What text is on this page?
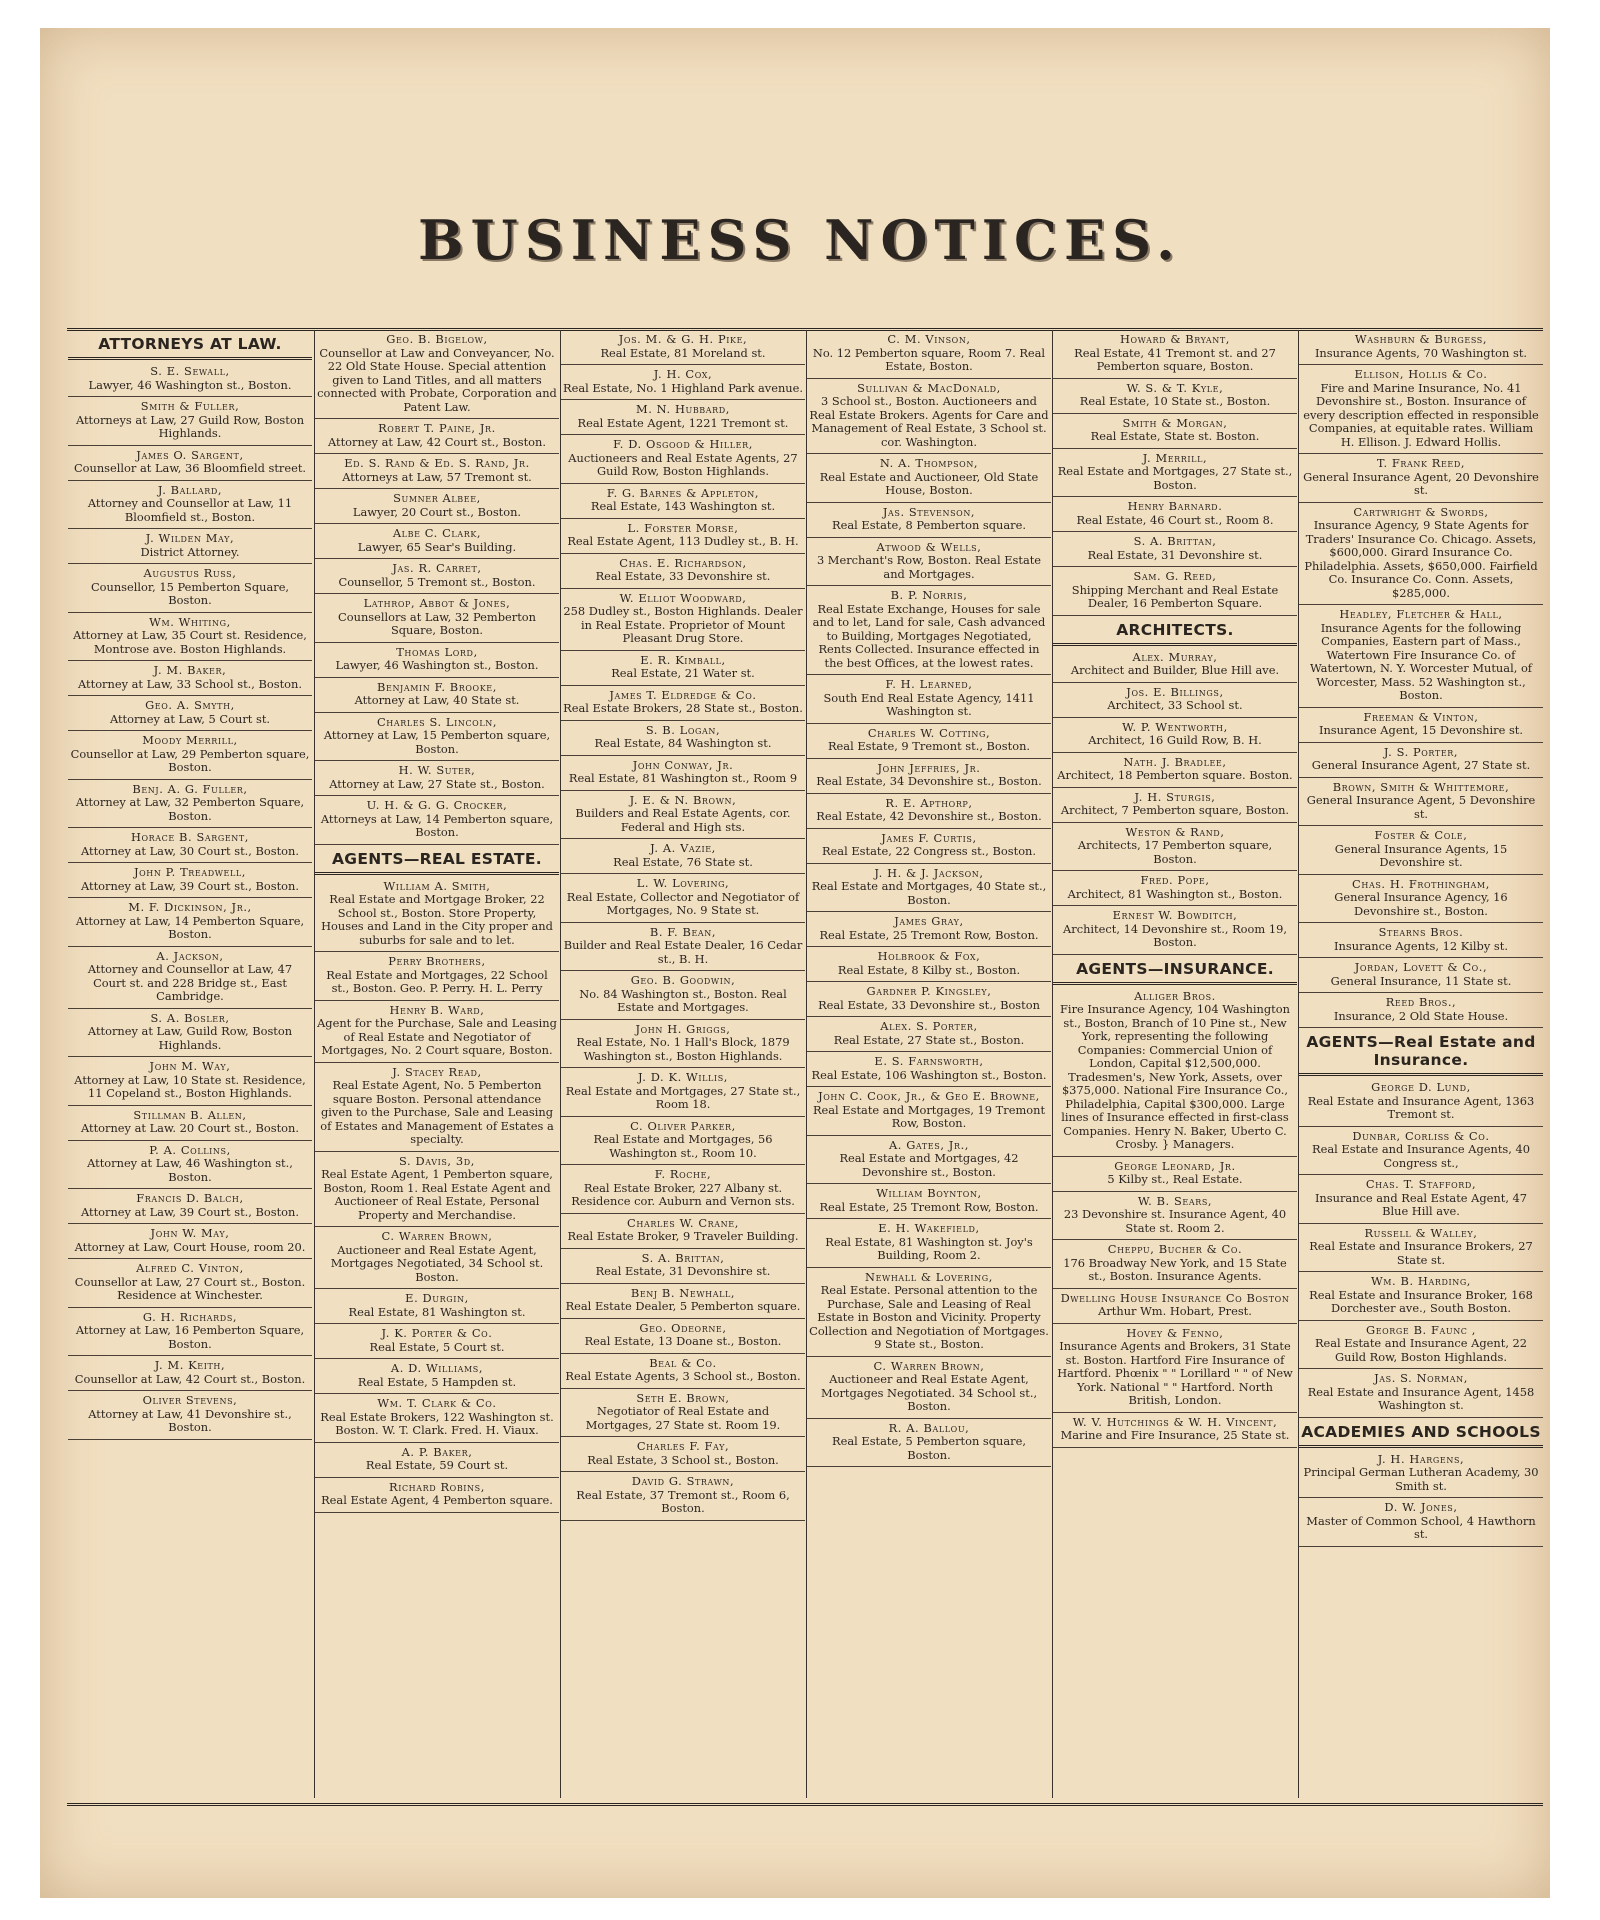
BUSINESS NOTICES.
ATTORNEYS AT LAW.
S. E. Sewall,
Lawyer, 46 Washington st., Boston.
Smith & Fuller,
Attorneys at Law, 27 Guild Row, Boston Highlands.
James O. Sargent,
Counsellor at Law, 36 Bloomfield street.
J. Ballard,
Attorney and Counsellor at Law, 11 Bloomfield st., Boston.
J. Wilden May,
District Attorney.
Augustus Russ,
Counsellor, 15 Pemberton Square, Boston.
Wm. Whiting,
Attorney at Law, 35 Court st. Residence, Montrose ave. Boston Highlands.
J. M. Baker,
Attorney at Law, 33 School st., Boston.
Geo. A. Smyth,
Attorney at Law, 5 Court st.
Moody Merrill,
Counsellor at Law, 29 Pemberton square, Boston.
Benj. A. G. Fuller,
Attorney at Law, 32 Pemberton Square, Boston.
Horace B. Sargent,
Attorney at Law, 30 Court st., Boston.
John P. Treadwell,
Attorney at Law, 39 Court st., Boston.
M. F. Dickinson, Jr.,
Attorney at Law, 14 Pemberton Square, Boston.
A. Jackson,
Attorney and Counsellor at Law, 47 Court st. and 228 Bridge st., East Cambridge.
S. A. Bosler,
Attorney at Law, Guild Row, Boston Highlands.
John M. Way,
Attorney at Law, 10 State st. Residence, 11 Copeland st., Boston Highlands.
Stillman B. Allen,
Attorney at Law. 20 Court st., Boston.
P. A. Collins,
Attorney at Law, 46 Washington st., Boston.
Francis D. Balch,
Attorney at Law, 39 Court st., Boston.
John W. May,
Attorney at Law, Court House, room 20.
Alfred C. Vinton,
Counsellor at Law, 27 Court st., Boston. Residence at Winchester.
G. H. Richards,
Attorney at Law, 16 Pemberton Square, Boston.
J. M. Keith,
Counsellor at Law, 42 Court st., Boston.
Oliver Stevens,
Attorney at Law, 41 Devonshire st., Boston.
Geo. B. Bigelow,
Counsellor at Law and Conveyancer, No. 22 Old State House. Special attention given to Land Titles, and all matters connected with Probate, Corporation and Patent Law.
Robert T. Paine, Jr.
Attorney at Law, 42 Court st., Boston.
Ed. S. Rand & Ed. S. Rand, Jr.
Attorneys at Law, 57 Tremont st.
Sumner Albee,
Lawyer, 20 Court st., Boston.
Albe C. Clark,
Lawyer, 65 Sear's Building.
Jas. R. Carret,
Counsellor, 5 Tremont st., Boston.
Lathrop, Abbot & Jones,
Counsellors at Law, 32 Pemberton Square, Boston.
Thomas Lord,
Lawyer, 46 Washington st., Boston.
Benjamin F. Brooke,
Attorney at Law, 40 State st.
Charles S. Lincoln,
Attorney at Law, 15 Pemberton square, Boston.
H. W. Suter,
Attorney at Law, 27 State st., Boston.
U. H. & G. G. Crocker,
Attorneys at Law, 14 Pemberton square, Boston.
AGENTS—REAL ESTATE.
William A. Smith,
Real Estate and Mortgage Broker, 22 School st., Boston. Store Property, Houses and Land in the City proper and suburbs for sale and to let.
Perry Brothers,
Real Estate and Mortgages, 22 School st., Boston. Geo. P. Perry. H. L. Perry
Henry B. Ward,
Agent for the Purchase, Sale and Leasing of Real Estate and Negotiator of Mortgages, No. 2 Court square, Boston.
J. Stacey Read,
Real Estate Agent, No. 5 Pemberton square Boston. Personal attendance given to the Purchase, Sale and Leasing of Estates and Management of Estates a specialty.
S. Davis, 3d,
Real Estate Agent, 1 Pemberton square, Boston, Room 1. Real Estate Agent and Auctioneer of Real Estate, Personal Property and Merchandise.
C. Warren Brown,
Auctioneer and Real Estate Agent, Mortgages Negotiated, 34 School st. Boston.
E. Durgin,
Real Estate, 81 Washington st.
J. K. Porter & Co.
Real Estate, 5 Court st.
A. D. Williams,
Real Estate, 5 Hampden st.
Wm. T. Clark & Co.
Real Estate Brokers, 122 Washington st. Boston. W. T. Clark. Fred. H. Viaux.
A. P. Baker,
Real Estate, 59 Court st.
Richard Robins,
Real Estate Agent, 4 Pemberton square.
Jos. M. & G. H. Pike,
Real Estate, 81 Moreland st.
J. H. Cox,
Real Estate, No. 1 Highland Park avenue.
M. N. Hubbard,
Real Estate Agent, 1221 Tremont st.
F. D. Osgood & Hiller,
Auctioneers and Real Estate Agents, 27 Guild Row, Boston Highlands.
F. G. Barnes & Appleton,
Real Estate, 143 Washington st.
L. Forster Morse,
Real Estate Agent, 113 Dudley st., B. H.
Chas. E. Richardson,
Real Estate, 33 Devonshire st.
W. Elliot Woodward,
258 Dudley st., Boston Highlands. Dealer in Real Estate. Proprietor of Mount Pleasant Drug Store.
E. R. Kimball,
Real Estate, 21 Water st.
James T. Eldredge & Co.
Real Estate Brokers, 28 State st., Boston.
S. B. Logan,
Real Estate, 84 Washington st.
John Conway, Jr.
Real Estate, 81 Washington st., Room 9
J. E. & N. Brown,
Builders and Real Estate Agents, cor. Federal and High sts.
J. A. Vazie,
Real Estate, 76 State st.
L. W. Lovering,
Real Estate, Collector and Negotiator of Mortgages, No. 9 State st.
B. F. Bean,
Builder and Real Estate Dealer, 16 Cedar st., B. H.
Geo. B. Goodwin,
No. 84 Washington st., Boston. Real Estate and Mortgages.
John H. Griggs,
Real Estate, No. 1 Hall's Block, 1879 Washington st., Boston Highlands.
J. D. K. Willis,
Real Estate and Mortgages, 27 State st., Room 18.
C. Oliver Parker,
Real Estate and Mortgages, 56 Washington st., Room 10.
F. Roche,
Real Estate Broker, 227 Albany st. Residence cor. Auburn and Vernon sts.
Charles W. Crane,
Real Estate Broker, 9 Traveler Building.
S. A. Brittan,
Real Estate, 31 Devonshire st.
Benj B. Newhall,
Real Estate Dealer, 5 Pemberton square.
Geo. Odeorne,
Real Estate, 13 Doane st., Boston.
Beal & Co.
Real Estate Agents, 3 School st., Boston.
Seth E. Brown,
Negotiator of Real Estate and Mortgages, 27 State st. Room 19.
Charles F. Fay,
Real Estate, 3 School st., Boston.
David G. Strawn,
Real Estate, 37 Tremont st., Room 6, Boston.
C. M. Vinson,
No. 12 Pemberton square, Room 7. Real Estate, Boston.
Sullivan & MacDonald,
3 School st., Boston. Auctioneers and Real Estate Brokers. Agents for Care and Management of Real Estate, 3 School st. cor. Washington.
N. A. Thompson,
Real Estate and Auctioneer, Old State House, Boston.
Jas. Stevenson,
Real Estate, 8 Pemberton square.
Atwood & Wells,
3 Merchant's Row, Boston. Real Estate and Mortgages.
B. P. Norris,
Real Estate Exchange, Houses for sale and to let, Land for sale, Cash advanced to Building, Mortgages Negotiated, Rents Collected. Insurance effected in the best Offices, at the lowest rates.
F. H. Learned,
South End Real Estate Agency, 1411 Washington st.
Charles W. Cotting,
Real Estate, 9 Tremont st., Boston.
John Jeffries, Jr.
Real Estate, 34 Devonshire st., Boston.
R. E. Apthorp,
Real Estate, 42 Devonshire st., Boston.
James F. Curtis,
Real Estate, 22 Congress st., Boston.
J. H. & J. Jackson,
Real Estate and Mortgages, 40 State st., Boston.
James Gray,
Real Estate, 25 Tremont Row, Boston.
Holbrook & Fox,
Real Estate, 8 Kilby st., Boston.
Gardner P. Kingsley,
Real Estate, 33 Devonshire st., Boston
Alex. S. Porter,
Real Estate, 27 State st., Boston.
E. S. Farnsworth,
Real Estate, 106 Washington st., Boston.
John C. Cook, Jr., & Geo E. Browne,
Real Estate and Mortgages, 19 Tremont Row, Boston.
A. Gates, Jr.,
Real Estate and Mortgages, 42 Devonshire st., Boston.
William Boynton,
Real Estate, 25 Tremont Row, Boston.
E. H. Wakefield,
Real Estate, 81 Washington st. Joy's Building, Room 2.
Newhall & Lovering,
Real Estate. Personal attention to the Purchase, Sale and Leasing of Real Estate in Boston and Vicinity. Property Collection and Negotiation of Mortgages. 9 State st., Boston.
C. Warren Brown,
Auctioneer and Real Estate Agent, Mortgages Negotiated. 34 School st., Boston.
R. A. Ballou,
Real Estate, 5 Pemberton square, Boston.
Howard & Bryant,
Real Estate, 41 Tremont st. and 27 Pemberton square, Boston.
W. S. & T. Kyle,
Real Estate, 10 State st., Boston.
Smith & Morgan,
Real Estate, State st. Boston.
J. Merrill,
Real Estate and Mortgages, 27 State st., Boston.
Henry Barnard.
Real Estate, 46 Court st., Room 8.
S. A. Brittan,
Real Estate, 31 Devonshire st.
Sam. G. Reed,
Shipping Merchant and Real Estate Dealer, 16 Pemberton Square.
ARCHITECTS.
Alex. Murray,
Architect and Builder, Blue Hill ave.
Jos. E. Billings,
Architect, 33 School st.
W. P. Wentworth,
Architect, 16 Guild Row, B. H.
Nath. J. Bradlee,
Architect, 18 Pemberton square. Boston.
J. H. Sturgis,
Architect, 7 Pemberton square, Boston.
Weston & Rand,
Architects, 17 Pemberton square, Boston.
Fred. Pope,
Architect, 81 Washington st., Boston.
Ernest W. Bowditch,
Architect, 14 Devonshire st., Room 19, Boston.
AGENTS—INSURANCE.
Alliger Bros.
Fire Insurance Agency, 104 Washington st., Boston, Branch of 10 Pine st., New York, representing the following Companies: Commercial Union of London, Capital $12,500,000. Tradesmen's, New York, Assets, over $375,000. National Fire Insurance Co., Philadelphia, Capital $300,000. Large lines of Insurance effected in first-class Companies. Henry N. Baker, Uberto C. Crosby. } Managers.
George Leonard, Jr.
5 Kilby st., Real Estate.
W. B. Sears,
23 Devonshire st. Insurance Agent, 40 State st. Room 2.
Cheppu, Bucher & Co.
176 Broadway New York, and 15 State st., Boston. Insurance Agents.
Dwelling House Insurance Co Boston
Arthur Wm. Hobart, Prest.
Hovey & Fenno,
Insurance Agents and Brokers, 31 State st. Boston. Hartford Fire Insurance of Hartford. Phœnix " " Lorillard " " of New York. National " " Hartford. North British, London.
W. V. Hutchings & W. H. Vincent,
Marine and Fire Insurance, 25 State st.
Washburn & Burgess,
Insurance Agents, 70 Washington st.
Ellison, Hollis & Co.
Fire and Marine Insurance, No. 41 Devonshire st., Boston. Insurance of every description effected in responsible Companies, at equitable rates. William H. Ellison. J. Edward Hollis.
T. Frank Reed,
General Insurance Agent, 20 Devonshire st.
Cartwright & Swords,
Insurance Agency, 9 State Agents for Traders' Insurance Co. Chicago. Assets, $600,000. Girard Insurance Co. Philadelphia. Assets, $650,000. Fairfield Co. Insurance Co. Conn. Assets, $285,000.
Headley, Fletcher & Hall,
Insurance Agents for the following Companies, Eastern part of Mass., Watertown Fire Insurance Co. of Watertown, N. Y. Worcester Mutual, of Worcester, Mass. 52 Washington st., Boston.
Freeman & Vinton,
Insurance Agent, 15 Devonshire st.
J. S. Porter,
General Insurance Agent, 27 State st.
Brown, Smith & Whittemore,
General Insurance Agent, 5 Devonshire st.
Foster & Cole,
General Insurance Agents, 15 Devonshire st.
Chas. H. Frothingham,
General Insurance Agency, 16 Devonshire st., Boston.
Stearns Bros.
Insurance Agents, 12 Kilby st.
Jordan, Lovett & Co.,
General Insurance, 11 State st.
Reed Bros.,
Insurance, 2 Old State House.
AGENTS—Real Estate and Insurance.
George D. Lund,
Real Estate and Insurance Agent, 1363 Tremont st.
Dunbar, Corliss & Co.
Real Estate and Insurance Agents, 40 Congress st.,
Chas. T. Stafford,
Insurance and Real Estate Agent, 47 Blue Hill ave.
Russell & Walley,
Real Estate and Insurance Brokers, 27 State st.
Wm. B. Harding,
Real Estate and Insurance Broker, 168 Dorchester ave., South Boston.
George B. Faunc ,
Real Estate and Insurance Agent, 22 Guild Row, Boston Highlands.
Jas. S. Norman,
Real Estate and Insurance Agent, 1458 Washington st.
ACADEMIES AND SCHOOLS
J. H. Hargens,
Principal German Lutheran Academy, 30 Smith st.
D. W. Jones,
Master of Common School, 4 Hawthorn st.
